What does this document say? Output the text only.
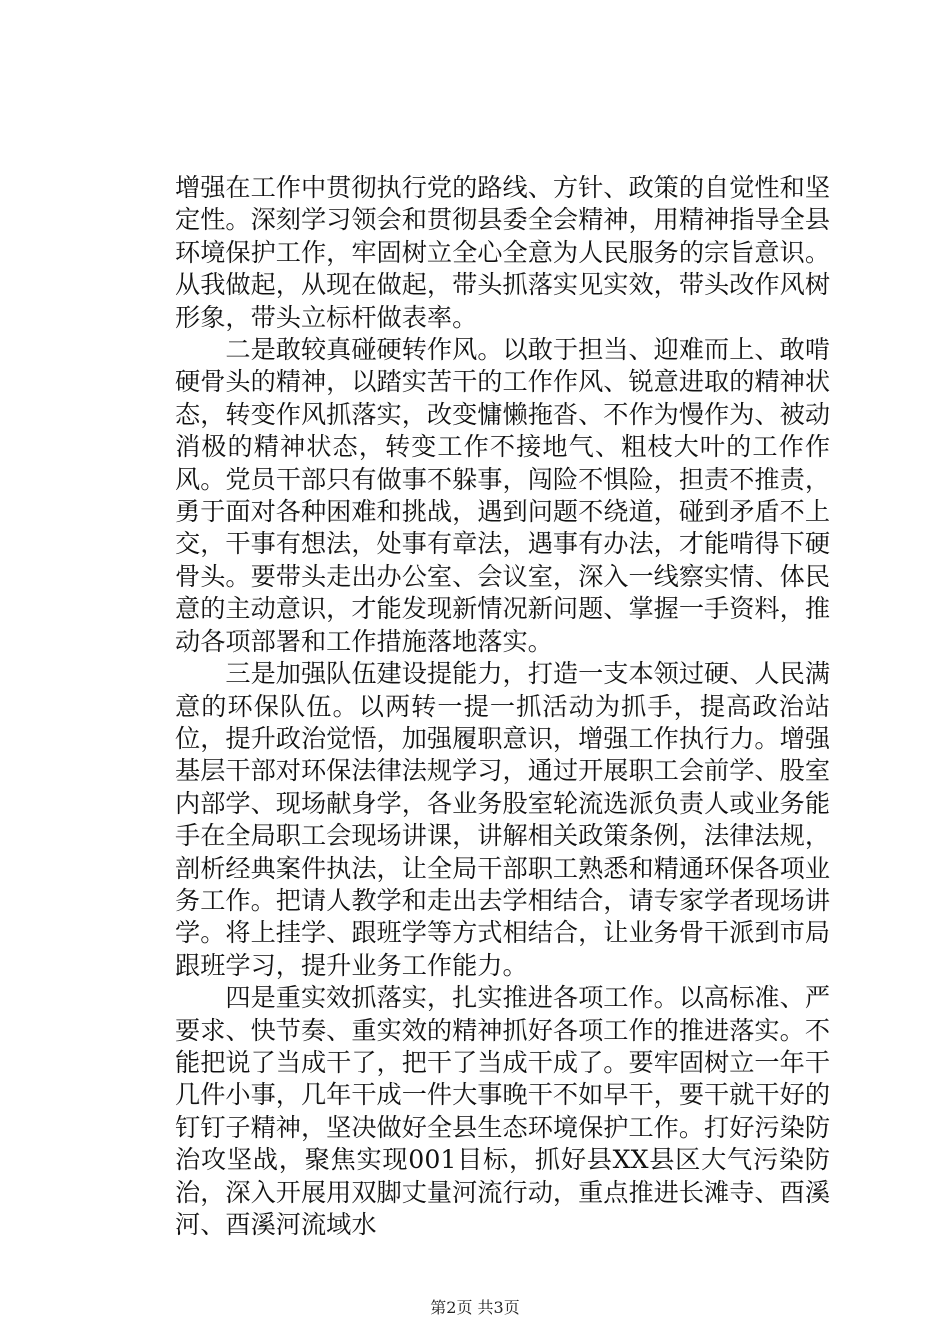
增强在工作中贯彻执行党的路线、方针、政策的自觉性和坚定性。深刻学习领会和贯彻县委全会精神，用精神指导全县环境保护工作，牢固树立全心全意为人民服务的宗旨意识。从我做起，从现在做起，带头抓落实见实效，带头改作风树形象，带头立标杆做表率。

二是敢较真碰硬转作风。以敢于担当、迎难而上、敢啃硬骨头的精神，以踏实苦干的工作作风、锐意进取的精神状态，转变作风抓落实，改变慵懒拖沓、不作为慢作为、被动消极的精神状态，转变工作不接地气、粗枝大叶的工作作风。党员干部只有做事不躲事，闯险不惧险，担责不推责，勇于面对各种困难和挑战，遇到问题不绕道，碰到矛盾不上交，干事有想法，处事有章法，遇事有办法，才能啃得下硬骨头。要带头走出办公室、会议室，深入一线察实情、体民意的主动意识，才能发现新情况新问题、掌握一手资料，推动各项部署和工作措施落地落实。

三是加强队伍建设提能力，打造一支本领过硬、人民满意的环保队伍。以两转一提一抓活动为抓手，提高政治站位，提升政治觉悟，加强履职意识，增强工作执行力。增强基层干部对环保法律法规学习，通过开展职工会前学、股室内部学、现场献身学，各业务股室轮流选派负责人或业务能手在全局职工会现场讲课，讲解相关政策条例，法律法规，剖析经典案件执法，让全局干部职工熟悉和精通环保各项业务工作。把请人教学和走出去学相结合，请专家学者现场讲学。将上挂学、跟班学等方式相结合，让业务骨干派到市局跟班学习，提升业务工作能力。

四是重实效抓落实，扎实推进各项工作。以高标准、严要求、快节奏、重实效的精神抓好各项工作的推进落实。不能把说了当成干了，把干了当成干成了。要牢固树立一年干几件小事，几年干成一件大事晚干不如早干，要干就干好的钉钉子精神，坚决做好全县生态环境保护工作。打好污染防治攻坚战，聚焦实现001目标，抓好县XX县区大气污染防治，深入开展用双脚丈量河流行动，重点推进长滩寺、酉溪河、酉溪河流域水

第2页 共3页
